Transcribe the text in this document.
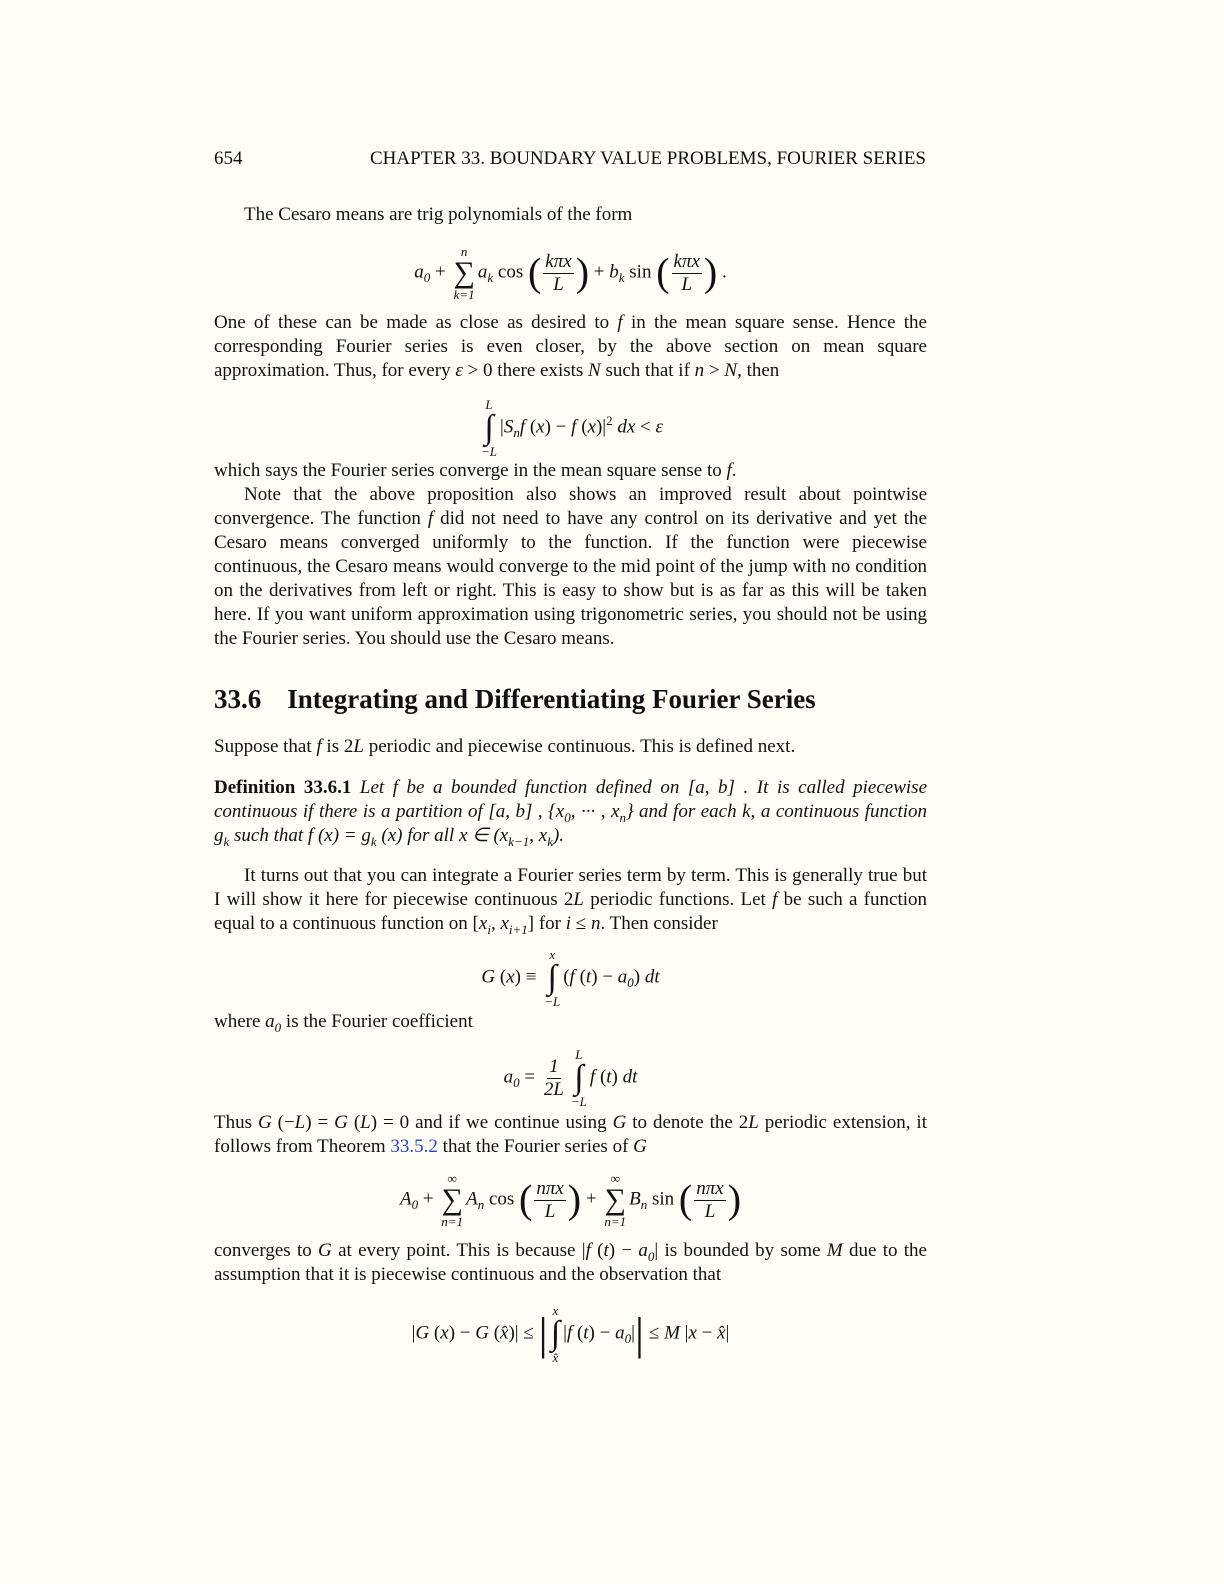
654	CHAPTER 33. BOUNDARY VALUE PROBLEMS, FOURIER SERIES
The Cesaro means are trig polynomials of the form
$a_0$ +
n
∑
k=1
$a_k$ cos ( $\frac{\text{kπx}}{L}$ ) + $b_k$ sin ( $\frac{\text{kπx}}{L}$ ) .
One of these can be made as close as desired to f in the mean square sense. Hence the corresponding Fourier series is even closer, by the above section on mean square approximation. Thus, for every ε > 0 there exists N such that if n > N, then
L
∫
−L
$|S_nf$ (x) − f $(x)|^2$ dx < ε
which says the Fourier series converge in the mean square sense to f.
Note that the above proposition also shows an improved result about pointwise convergence. The function f did not need to have any control on its derivative and yet the Cesaro means converged uniformly to the function. If the function were piecewise continuous, the Cesaro means would converge to the mid point of the jump with no condition on the derivatives from left or right. This is easy to show but is as far as this will be taken here. If you want uniform approximation using trigonometric series, you should not be using the Fourier series. You should use the Cesaro means.
33.6 Integrating and Differentiating Fourier Series
Suppose that f is 2L periodic and piecewise continuous. This is defined next.
Definition 33.6.1 Let f be a bounded function defined on [a, b] . It is called piecewise continuous if there is a partition of [a, b] , {$x_0$, ··· , $x_n$} and for each k, a continuous function $g_k$ such that f $(x) = g_k$ (x) for all x ∈ ($x_{k-1}$, $x_k$).
It turns out that you can integrate a Fourier series term by term. This is generally true but I will show it here for piecewise continuous 2L periodic functions. Let f be such a function equal to a continuous function on [$x_i$, $x_{i+1}$] for i ≤ n. Then consider
G (x) ≡
x
∫
−L
(f $(t) - a_0$) dt
where $a_0$ is the Fourier coefficient
$a_0 = \frac{1}{2L}$
L
∫
−L
f (t) dt
Thus G (−L) = G (L) = 0 and if we continue using G to denote the 2L periodic extension, it follows from Theorem 33.5.2 that the Fourier series of G
$A_0$ +
∞
∑
n=1
$A_n$ cos ( $\frac{\text{nπx}}{L}$ ) +
∞
∑
n=1
$B_n$ sin ( $\frac{\text{nπx}}{L}$ )
converges to G at every point. This is because |f $(t) - a_0|$ is bounded by some M due to the assumption that it is piecewise continuous and the observation that
|G (x) − G (x̂)| ≤ | x
∫
x̂
|f $(t) - a_0|| \le M$ |x − x̂|
